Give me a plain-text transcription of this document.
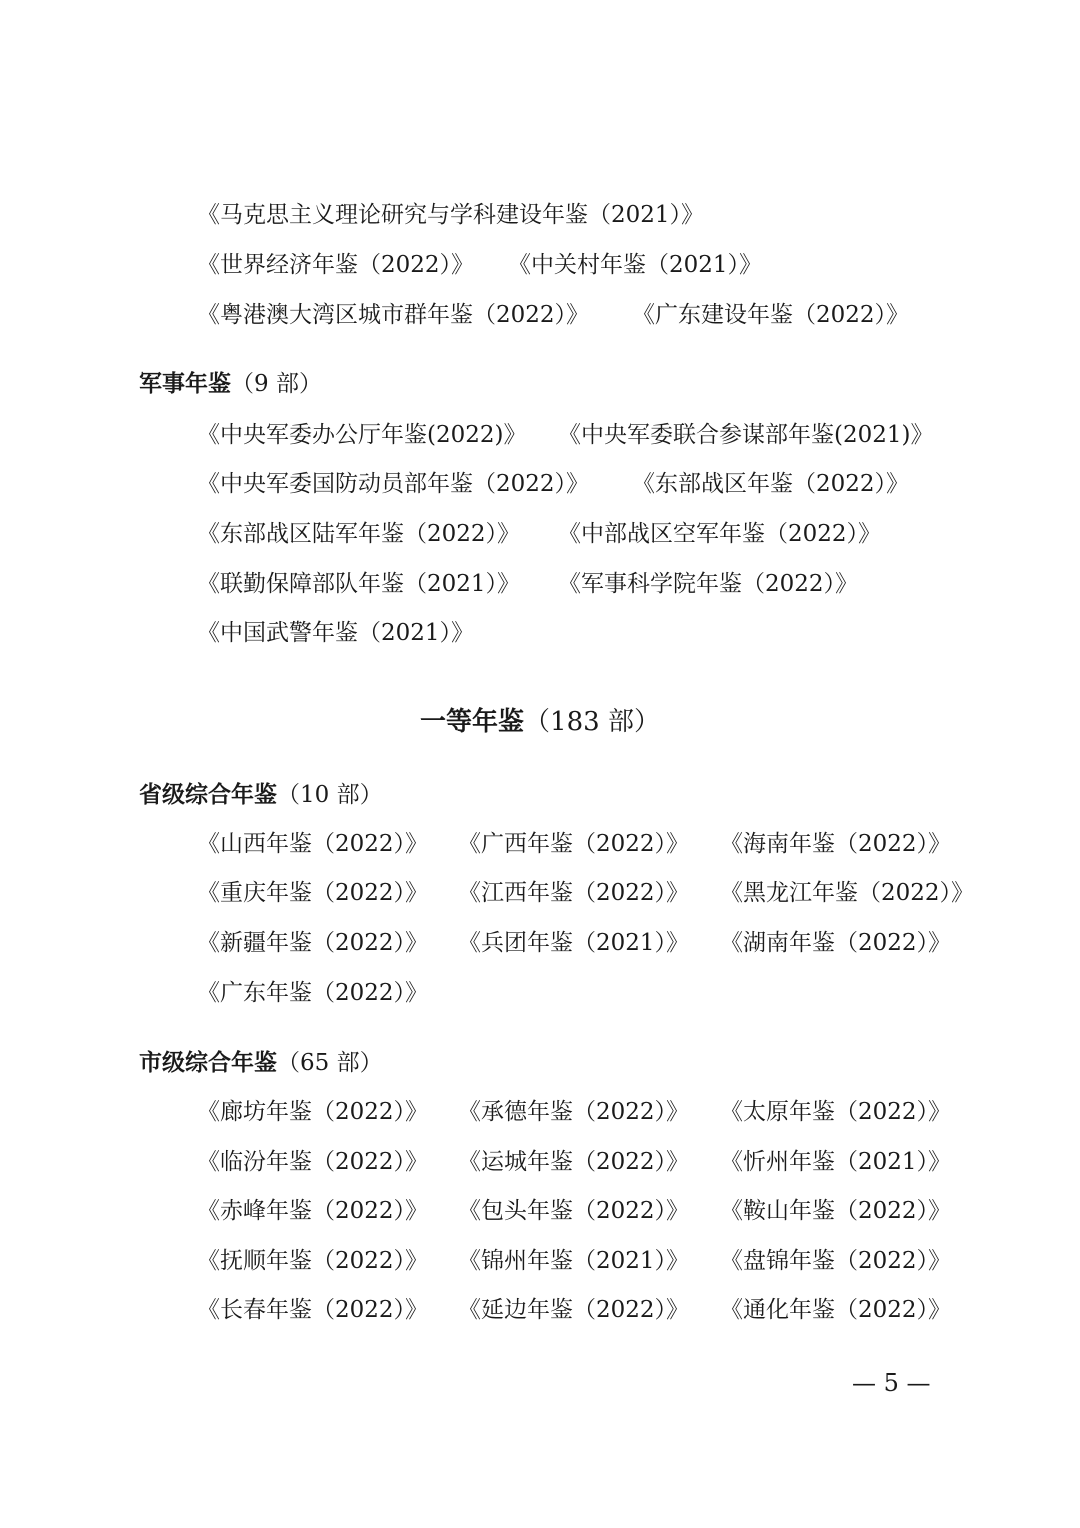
《马克思主义理论研究与学科建设年鉴（2021）》
《世界经济年鉴（2022）》 《中关村年鉴（2021）》
《粤港澳大湾区城市群年鉴（2022）》 《广东建设年鉴（2022）》
军事年鉴（9 部）
《中央军委办公厅年鉴(2022)》 《中央军委联合参谋部年鉴(2021)》
《中央军委国防动员部年鉴（2022）》 《东部战区年鉴（2022）》
《东部战区陆军年鉴（2022）》 《中部战区空军年鉴（2022）》
《联勤保障部队年鉴（2021）》 《军事科学院年鉴（2022）》
《中国武警年鉴（2021）》
一等年鉴（183 部）
省级综合年鉴（10 部）
《山西年鉴（2022）》 《广西年鉴（2022）》 《海南年鉴（2022）》
《重庆年鉴（2022）》 《江西年鉴（2022）》 《黑龙江年鉴（2022）》
《新疆年鉴（2022）》 《兵团年鉴（2021）》 《湖南年鉴（2022）》
《广东年鉴（2022）》
市级综合年鉴（65 部）
《廊坊年鉴（2022）》 《承德年鉴（2022）》 《太原年鉴（2022）》
《临汾年鉴（2022）》 《运城年鉴（2022）》 《忻州年鉴（2021）》
《赤峰年鉴（2022）》 《包头年鉴（2022）》 《鞍山年鉴（2022）》
《抚顺年鉴（2022）》 《锦州年鉴（2021）》 《盘锦年鉴（2022）》
《长春年鉴（2022）》 《延边年鉴（2022）》 《通化年鉴（2022）》
— 5 —
